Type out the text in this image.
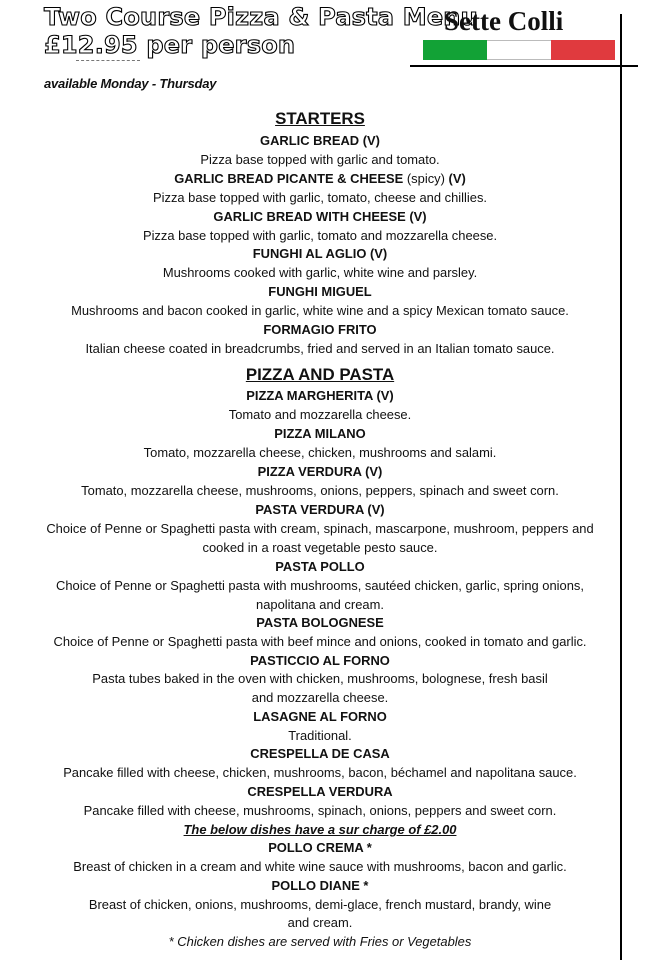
Two Course Pizza & Pasta Menu
£12.95 per person
available Monday - Thursday
Sette Colli
STARTERS
GARLIC BREAD (V)
Pizza base topped with garlic and tomato.
GARLIC BREAD PICANTE & CHEESE (spicy) (V)
Pizza base topped with garlic, tomato, cheese and chillies.
GARLIC BREAD WITH CHEESE (V)
Pizza base topped with garlic, tomato and mozzarella cheese.
FUNGHI AL AGLIO (V)
Mushrooms cooked with garlic, white wine and parsley.
FUNGHI MIGUEL
Mushrooms and bacon cooked in garlic, white wine and a spicy Mexican tomato sauce.
FORMAGIO FRITO
Italian cheese coated in breadcrumbs, fried and served in an Italian tomato sauce.
PIZZA AND PASTA
PIZZA MARGHERITA (V)
Tomato and mozzarella cheese.
PIZZA MILANO
Tomato, mozzarella cheese, chicken, mushrooms and salami.
PIZZA VERDURA (V)
Tomato, mozzarella cheese, mushrooms, onions, peppers, spinach and sweet corn.
PASTA VERDURA (V)
Choice of Penne or Spaghetti pasta with cream, spinach, mascarpone, mushroom, peppers and
cooked in a roast vegetable pesto sauce.
PASTA POLLO
Choice of Penne or Spaghetti pasta with mushrooms, sautéed chicken, garlic, spring onions,
napolitana and cream.
PASTA BOLOGNESE
Choice of Penne or Spaghetti pasta with beef mince and onions, cooked in tomato and garlic.
PASTICCIO AL FORNO
Pasta tubes baked in the oven with chicken, mushrooms, bolognese, fresh basil
and mozzarella cheese.
LASAGNE AL FORNO
Traditional.
CRESPELLA DE CASA
Pancake filled with cheese, chicken, mushrooms, bacon, béchamel and napolitana sauce.
CRESPELLA VERDURA
Pancake filled with cheese, mushrooms, spinach, onions, peppers and sweet corn.
The below dishes have a sur charge of £2.00
POLLO CREMA *
Breast of chicken in a cream and white wine sauce with mushrooms, bacon and garlic.
POLLO DIANE *
Breast of chicken, onions, mushrooms, demi-glace, french mustard, brandy, wine
and cream.
* Chicken dishes are served with Fries or Vegetables
